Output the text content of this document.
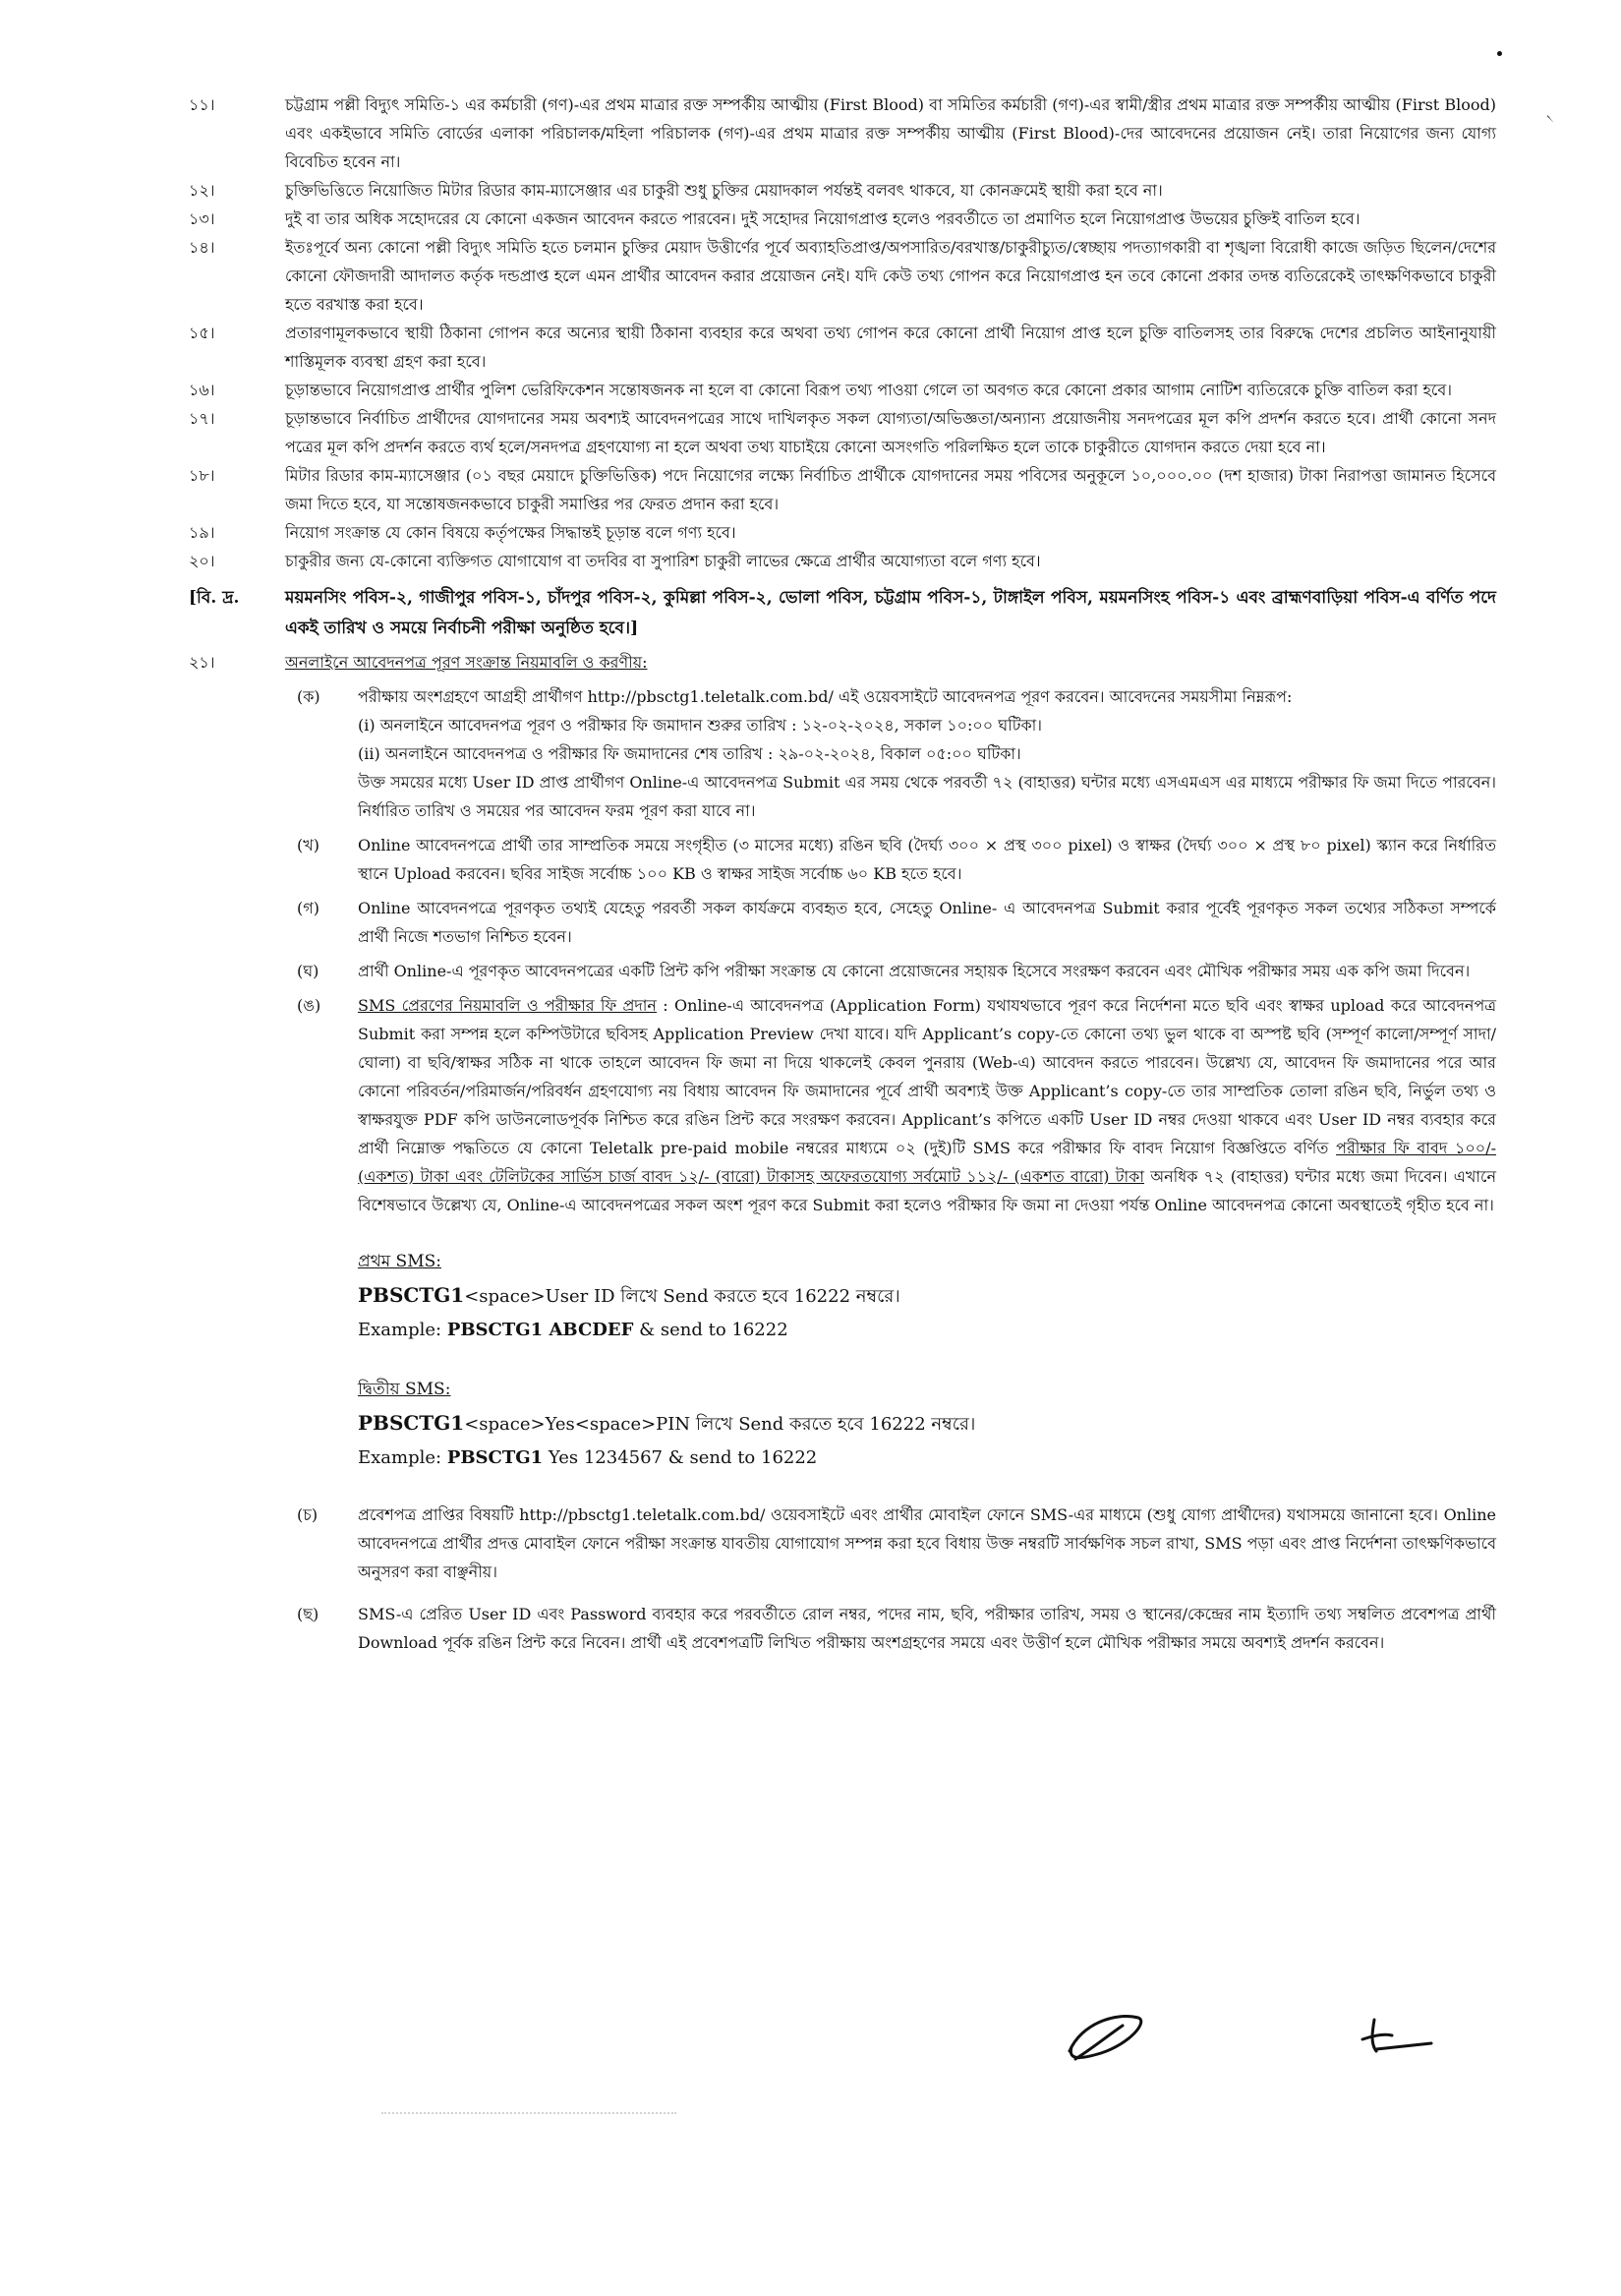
৲
১১।	চট্টগ্রাম পল্লী বিদ্যুৎ সমিতি-১ এর কর্মচারী (গণ)-এর প্রথম মাত্রার রক্ত সম্পর্কীয় আত্মীয় (First Blood) বা সমিতির কর্মচারী (গণ)-এর স্বামী/স্ত্রীর প্রথম মাত্রার রক্ত সম্পর্কীয় আত্মীয় (First Blood) এবং একইভাবে সমিতি বোর্ডের এলাকা পরিচালক/মহিলা পরিচালক (গণ)-এর প্রথম মাত্রার রক্ত সম্পর্কীয় আত্মীয় (First Blood)-দের আবেদনের প্রয়োজন নেই। তারা নিয়োগের জন্য যোগ্য বিবেচিত হবেন না।
১২।	চুক্তিভিত্তিতে নিয়োজিত মিটার রিডার কাম-ম্যাসেঞ্জার এর চাকুরী শুধু চুক্তির মেয়াদকাল পর্যন্তই বলবৎ থাকবে, যা কোনক্রমেই স্থায়ী করা হবে না।
১৩।	দুই বা তার অধিক সহোদরের যে কোনো একজন আবেদন করতে পারবেন। দুই সহোদর নিয়োগপ্রাপ্ত হলেও পরবর্তীতে তা প্রমাণিত হলে নিয়োগপ্রাপ্ত উভয়ের চুক্তিই বাতিল হবে।
১৪।	ইতঃপূর্বে অন্য কোনো পল্লী বিদ্যুৎ সমিতি হতে চলমান চুক্তির মেয়াদ উত্তীর্ণের পূর্বে অব্যাহতিপ্রাপ্ত/অপসারিত/বরখাস্ত/চাকুরীচ্যুত/স্বেচ্ছায় পদত্যাগকারী বা শৃঙ্খলা বিরোধী কাজে জড়িত ছিলেন/দেশের কোনো ফৌজদারী আদালত কর্তৃক দন্ডপ্রাপ্ত হলে এমন প্রার্থীর আবেদন করার প্রয়োজন নেই। যদি কেউ তথ্য গোপন করে নিয়োগপ্রাপ্ত হন তবে কোনো প্রকার তদন্ত ব্যতিরেকেই তাৎক্ষণিকভাবে চাকুরী হতে বরখাস্ত করা হবে।
১৫।	প্রতারণামূলকভাবে স্থায়ী ঠিকানা গোপন করে অন্যের স্থায়ী ঠিকানা ব্যবহার করে অথবা তথ্য গোপন করে কোনো প্রার্থী নিয়োগ প্রাপ্ত হলে চুক্তি বাতিলসহ তার বিরুদ্ধে দেশের প্রচলিত আইনানুযায়ী শাস্তিমূলক ব্যবস্থা গ্রহণ করা হবে।
১৬।	চূড়ান্তভাবে নিয়োগপ্রাপ্ত প্রার্থীর পুলিশ ভেরিফিকেশন সন্তোষজনক না হলে বা কোনো বিরূপ তথ্য পাওয়া গেলে তা অবগত করে কোনো প্রকার আগাম নোটিশ ব্যতিরেকে চুক্তি বাতিল করা হবে।
১৭।	চূড়ান্তভাবে নির্বাচিত প্রার্থীদের যোগদানের সময় অবশ্যই আবেদনপত্রের সাথে দাখিলকৃত সকল যোগ্যতা/অভিজ্ঞতা/অন্যান্য প্রয়োজনীয় সনদপত্রের মূল কপি প্রদর্শন করতে হবে। প্রার্থী কোনো সনদ পত্রের মূল কপি প্রদর্শন করতে ব্যর্থ হলে/সনদপত্র গ্রহণযোগ্য না হলে অথবা তথ্য যাচাইয়ে কোনো অসংগতি পরিলক্ষিত হলে তাকে চাকুরীতে যোগদান করতে দেয়া হবে না।
১৮।	মিটার রিডার কাম-ম্যাসেঞ্জার (০১ বছর মেয়াদে চুক্তিভিত্তিক) পদে নিয়োগের লক্ষ্যে নির্বাচিত প্রার্থীকে যোগদানের সময় পবিসের অনুকূলে ১০,০০০.০০ (দশ হাজার) টাকা নিরাপত্তা জামানত হিসেবে জমা দিতে হবে, যা সন্তোষজনকভাবে চাকুরী সমাপ্তির পর ফেরত প্রদান করা হবে।
১৯।	নিয়োগ সংক্রান্ত যে কোন বিষয়ে কর্তৃপক্ষের সিদ্ধান্তই চূড়ান্ত বলে গণ্য হবে।
২০।	চাকুরীর জন্য যে-কোনো ব্যক্তিগত যোগাযোগ বা তদবির বা সুপারিশ চাকুরী লাভের ক্ষেত্রে প্রার্থীর অযোগ্যতা বলে গণ্য হবে।
[বি. দ্র.	ময়মনসিং পবিস-২, গাজীপুর পবিস-১, চাঁদপুর পবিস-২, কুমিল্লা পবিস-২, ভোলা পবিস, চট্টগ্রাম পবিস-১, টাঙ্গাইল পবিস, ময়মনসিংহ পবিস-১ এবং ব্রাহ্মণবাড়িয়া পবিস-এ বর্ণিত পদে একই তারিখ ও সময়ে নির্বাচনী পরীক্ষা অনুষ্ঠিত হবে।]
২১।	অনলাইনে আবেদনপত্র পূরণ সংক্রান্ত নিয়মাবলি ও করণীয়:
(ক)	পরীক্ষায় অংশগ্রহণে আগ্রহী প্রার্থীগণ http://pbsctg1.teletalk.com.bd/ এই ওয়েবসাইটে আবেদনপত্র পূরণ করবেন। আবেদনের সময়সীমা নিম্নরূপ:
(i) অনলাইনে আবেদনপত্র পূরণ ও পরীক্ষার ফি জমাদান শুরুর তারিখ : ১২-০২-২০২৪, সকাল ১০:০০ ঘটিকা।
(ii) অনলাইনে আবেদনপত্র ও পরীক্ষার ফি জমাদানের শেষ তারিখ : ২৯-০২-২০২৪, বিকাল ০৫:০০ ঘটিকা।
উক্ত সময়ের মধ্যে User ID প্রাপ্ত প্রার্থীগণ Online-এ আবেদনপত্র Submit এর সময় থেকে পরবর্তী ৭২ (বাহাত্তর) ঘন্টার মধ্যে এসএমএস এর মাধ্যমে পরীক্ষার ফি জমা দিতে পারবেন। নির্ধারিত তারিখ ও সময়ের পর আবেদন ফরম পূরণ করা যাবে না।
(খ)	Online আবেদনপত্রে প্রার্থী তার সাম্প্রতিক সময়ে সংগৃহীত (৩ মাসের মধ্যে) রঙিন ছবি (দৈর্ঘ্য ৩০০ × প্রস্থ ৩০০ pixel) ও স্বাক্ষর (দৈর্ঘ্য ৩০০ × প্রস্থ ৮০ pixel) স্ক্যান করে নির্ধারিত স্থানে Upload করবেন। ছবির সাইজ সর্বোচ্চ ১০০ KB ও স্বাক্ষর সাইজ সর্বোচ্চ ৬০ KB হতে হবে।
(গ)	Online আবেদনপত্রে পূরণকৃত তথ্যই যেহেতু পরবর্তী সকল কার্যক্রমে ব্যবহৃত হবে, সেহেতু Online- এ আবেদনপত্র Submit করার পূর্বেই পূরণকৃত সকল তথ্যের সঠিকতা সম্পর্কে প্রার্থী নিজে শতভাগ নিশ্চিত হবেন।
(ঘ)	প্রার্থী Online-এ পূরণকৃত আবেদনপত্রের একটি প্রিন্ট কপি পরীক্ষা সংক্রান্ত যে কোনো প্রয়োজনের সহায়ক হিসেবে সংরক্ষণ করবেন এবং মৌখিক পরীক্ষার সময় এক কপি জমা দিবেন।
(ঙ)	SMS প্রেরণের নিয়মাবলি ও পরীক্ষার ফি প্রদান : Online-এ আবেদনপত্র (Application Form) যথাযথভাবে পূরণ করে নির্দেশনা মতে ছবি এবং স্বাক্ষর upload করে আবেদনপত্র Submit করা সম্পন্ন হলে কম্পিউটারে ছবিসহ Application Preview দেখা যাবে। যদি Applicant’s copy-তে কোনো তথ্য ভুল থাকে বা অস্পষ্ট ছবি (সম্পূর্ণ কালো/সম্পূর্ণ সাদা/ঘোলা) বা ছবি/স্বাক্ষর সঠিক না থাকে তাহলে আবেদন ফি জমা না দিয়ে থাকলেই কেবল পুনরায় (Web-এ) আবেদন করতে পারবেন। উল্লেখ্য যে, আবেদন ফি জমাদানের পরে আর কোনো পরিবর্তন/পরিমার্জন/পরিবর্ধন গ্রহণযোগ্য নয় বিধায় আবেদন ফি জমাদানের পূর্বে প্রার্থী অবশ্যই উক্ত Applicant’s copy-তে তার সাম্প্রতিক তোলা রঙিন ছবি, নির্ভুল তথ্য ও স্বাক্ষরযুক্ত PDF কপি ডাউনলোডপূর্বক নিশ্চিত করে রঙিন প্রিন্ট করে সংরক্ষণ করবেন। Applicant’s কপিতে একটি User ID নম্বর দেওয়া থাকবে এবং User ID নম্বর ব্যবহার করে প্রার্থী নিম্নোক্ত পদ্ধতিতে যে কোনো Teletalk pre-paid mobile নম্বরের মাধ্যমে ০২ (দুই)টি SMS করে পরীক্ষার ফি বাবদ নিয়োগ বিজ্ঞপ্তিতে বর্ণিত পরীক্ষার ফি বাবদ ১০০/- (একশত) টাকা এবং টেলিটকের সার্ভিস চার্জ বাবদ ১২/- (বারো) টাকাসহ অফেরতযোগ্য সর্বমোট ১১২/- (একশত বারো) টাকা অনধিক ৭২ (বাহাত্তর) ঘন্টার মধ্যে জমা দিবেন। এখানে বিশেষভাবে উল্লেখ্য যে, Online-এ আবেদনপত্রের সকল অংশ পূরণ করে Submit করা হলেও পরীক্ষার ফি জমা না দেওয়া পর্যন্ত Online আবেদনপত্র কোনো অবস্থাতেই গৃহীত হবে না।
প্রথম SMS:
PBSCTG1<space>User ID লিখে Send করতে হবে 16222 নম্বরে।
Example: PBSCTG1 ABCDEF & send to 16222
দ্বিতীয় SMS:
PBSCTG1<space>Yes<space>PIN লিখে Send করতে হবে 16222 নম্বরে।
Example: PBSCTG1 Yes 1234567 & send to 16222
(চ)	প্রবেশপত্র প্রাপ্তির বিষয়টি http://pbsctg1.teletalk.com.bd/ ওয়েবসাইটে এবং প্রার্থীর মোবাইল ফোনে SMS-এর মাধ্যমে (শুধু যোগ্য প্রার্থীদের) যথাসময়ে জানানো হবে। Online আবেদনপত্রে প্রার্থীর প্রদত্ত মোবাইল ফোনে পরীক্ষা সংক্রান্ত যাবতীয় যোগাযোগ সম্পন্ন করা হবে বিধায় উক্ত নম্বরটি সার্বক্ষণিক সচল রাখা, SMS পড়া এবং প্রাপ্ত নির্দেশনা তাৎক্ষণিকভাবে অনুসরণ করা বাঞ্ছনীয়।
(ছ)	SMS-এ প্রেরিত User ID এবং Password ব্যবহার করে পরবর্তীতে রোল নম্বর, পদের নাম, ছবি, পরীক্ষার তারিখ, সময় ও স্থানের/কেন্দ্রের নাম ইত্যাদি তথ্য সম্বলিত প্রবেশপত্র প্রার্থী Download পূর্বক রঙিন প্রিন্ট করে নিবেন। প্রার্থী এই প্রবেশপত্রটি লিখিত পরীক্ষায় অংশগ্রহণের সময়ে এবং উত্তীর্ণ হলে মৌখিক পরীক্ষার সময়ে অবশ্যই প্রদর্শন করবেন।
